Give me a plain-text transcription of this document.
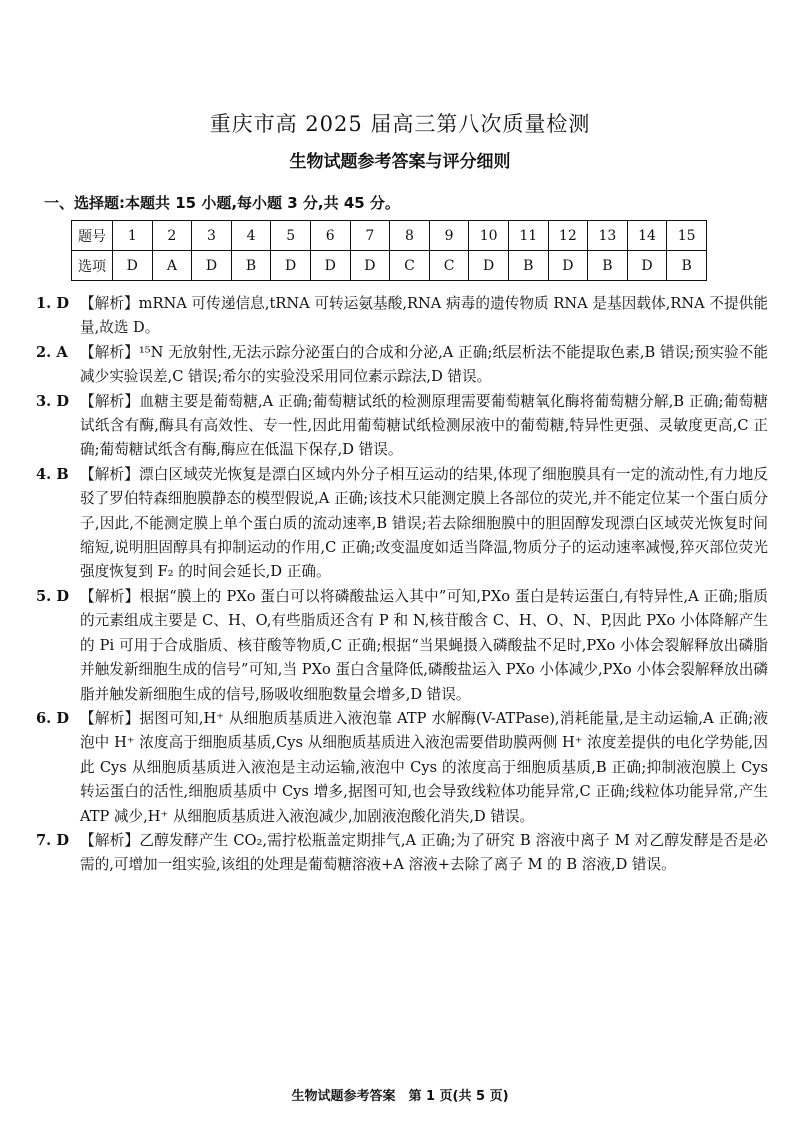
重庆市高 2025 届高三第八次质量检测
生物试题参考答案与评分细则
一、选择题:本题共 15 小题,每小题 3 分,共 45 分。
题号	1	2	3	4	5	6	7	8	9	10	11	12	13	14	15
选项	D	A	D	B	D	D	D	C	C	D	B	D	B	D	B
1. D 【解析】mRNA 可传递信息,tRNA 可转运氨基酸,RNA 病毒的遗传物质 RNA 是基因载体,RNA 不提供能量,故选 D。
2. A 【解析】¹⁵N 无放射性,无法示踪分泌蛋白的合成和分泌,A 正确;纸层析法不能提取色素,B 错误;预实验不能减少实验误差,C 错误;希尔的实验没采用同位素示踪法,D 错误。
3. D 【解析】血糖主要是葡萄糖,A 正确;葡萄糖试纸的检测原理需要葡萄糖氧化酶将葡萄糖分解,B 正确;葡萄糖试纸含有酶,酶具有高效性、专一性,因此用葡萄糖试纸检测尿液中的葡萄糖,特异性更强、灵敏度更高,C 正确;葡萄糖试纸含有酶,酶应在低温下保存,D 错误。
4. B 【解析】漂白区域荧光恢复是漂白区域内外分子相互运动的结果,体现了细胞膜具有一定的流动性,有力地反驳了罗伯特森细胞膜静态的模型假说,A 正确;该技术只能测定膜上各部位的荧光,并不能定位某一个蛋白质分子,因此,不能测定膜上单个蛋白质的流动速率,B 错误;若去除细胞膜中的胆固醇发现漂白区域荧光恢复时间缩短,说明胆固醇具有抑制运动的作用,C 正确;改变温度如适当降温,物质分子的运动速率减慢,猝灭部位荧光强度恢复到 F₂ 的时间会延长,D 正确。
5. D 【解析】根据“膜上的 PXo 蛋白可以将磷酸盐运入其中”可知,PXo 蛋白是转运蛋白,有特异性,A 正确;脂质的元素组成主要是 C、H、O,有些脂质还含有 P 和 N,核苷酸含 C、H、O、N、P,因此 PXo 小体降解产生的 Pi 可用于合成脂质、核苷酸等物质,C 正确;根据“当果蝇摄入磷酸盐不足时,PXo 小体会裂解释放出磷脂并触发新细胞生成的信号”可知,当 PXo 蛋白含量降低,磷酸盐运入 PXo 小体减少,PXo 小体会裂解释放出磷脂并触发新细胞生成的信号,肠吸收细胞数量会增多,D 错误。
6. D 【解析】据图可知,H⁺ 从细胞质基质进入液泡靠 ATP 水解酶(V-ATPase),消耗能量,是主动运输,A 正确;液泡中 H⁺ 浓度高于细胞质基质,Cys 从细胞质基质进入液泡需要借助膜两侧 H⁺ 浓度差提供的电化学势能,因此 Cys 从细胞质基质进入液泡是主动运输,液泡中 Cys 的浓度高于细胞质基质,B 正确;抑制液泡膜上 Cys 转运蛋白的活性,细胞质基质中 Cys 增多,据图可知,也会导致线粒体功能异常,C 正确;线粒体功能异常,产生 ATP 减少,H⁺ 从细胞质基质进入液泡减少,加剧液泡酸化消失,D 错误。
7. D 【解析】乙醇发酵产生 CO₂,需拧松瓶盖定期排气,A 正确;为了研究 B 溶液中离子 M 对乙醇发酵是否是必需的,可增加一组实验,该组的处理是葡萄糖溶液+A 溶液+去除了离子 M 的 B 溶液,D 错误。
生物试题参考答案　第 1 页(共 5 页)
